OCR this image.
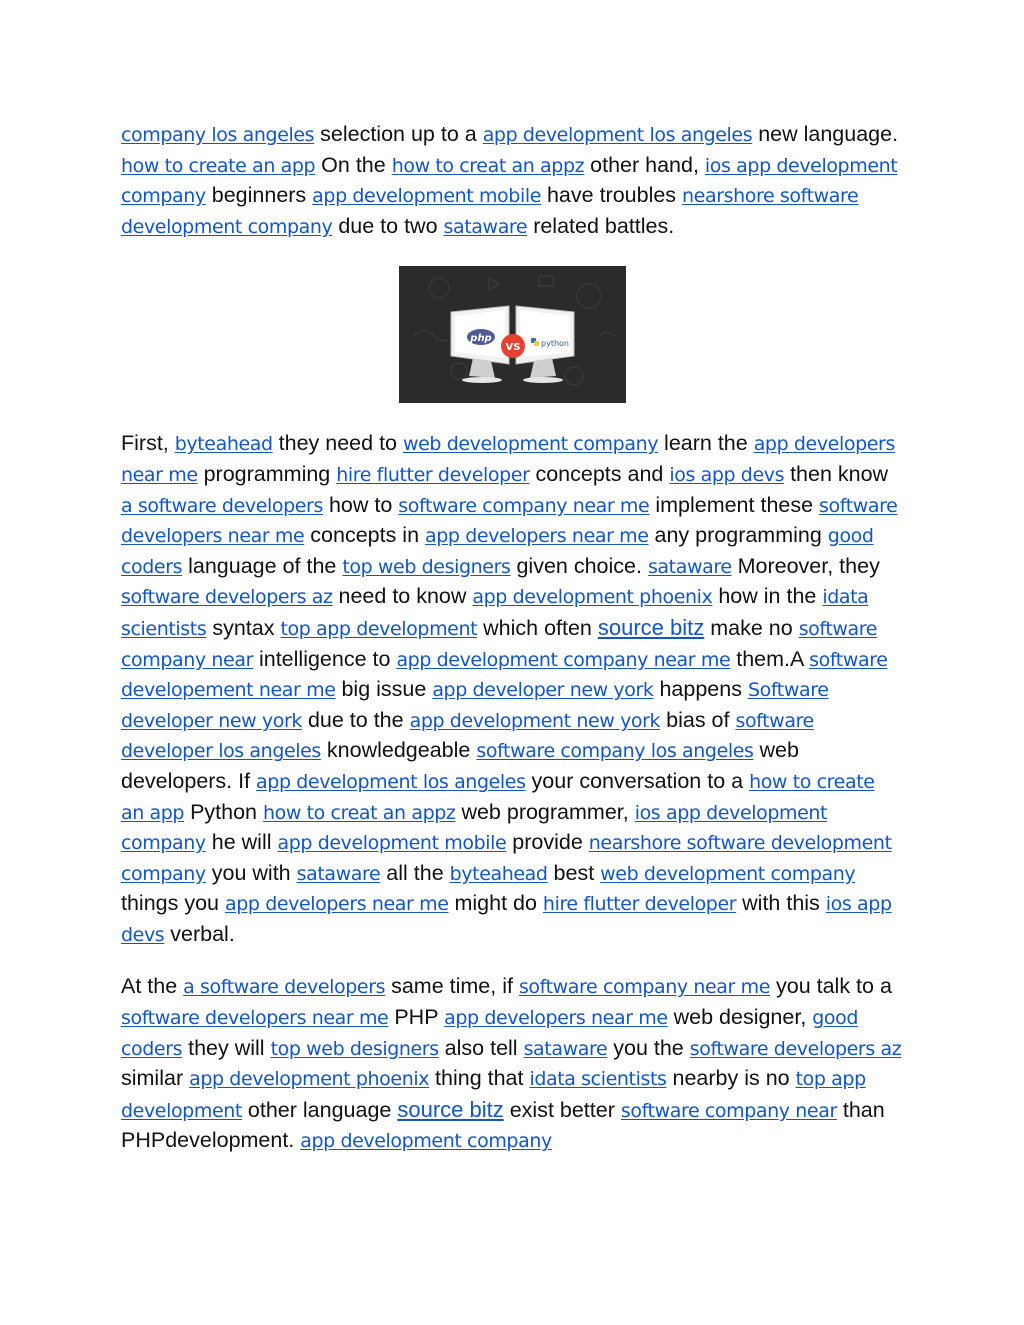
company los angeles selection up to a app development los angeles new language. how to create an app On the how to creat an appz other hand, ios app development company beginners app development mobile have troubles nearshore software development company due to two sataware related battles.

php
VS	python

First, byteahead they need to web development company learn the app developers near me programming hire flutter developer concepts and ios app devs then know a software developers how to software company near me implement these software developers near me concepts in app developers near me any programming good coders language of the top web designers given choice. sataware Moreover, they software developers az need to know app development phoenix how in the idata scientists syntax top app development which often source bitz make no software company near intelligence to app development company near me them.A software developement near me big issue app developer new york happens Software developer new york due to the app development new york bias of software developer los angeles knowledgeable software company los angeles web developers. If app development los angeles your conversation to a how to create an app Python how to creat an appz web programmer, ios app development company he will app development mobile provide nearshore software development company you with sataware all the byteahead best web development company things you app developers near me might do hire flutter developer with this ios app devs verbal.

At the a software developers same time, if software company near me you talk to a software developers near me PHP app developers near me web designer, good coders they will top web designers also tell sataware you the software developers az similar app development phoenix thing that idata scientists nearby is no top app development other language source bitz exist better software company near than PHPdevelopment. app development company
